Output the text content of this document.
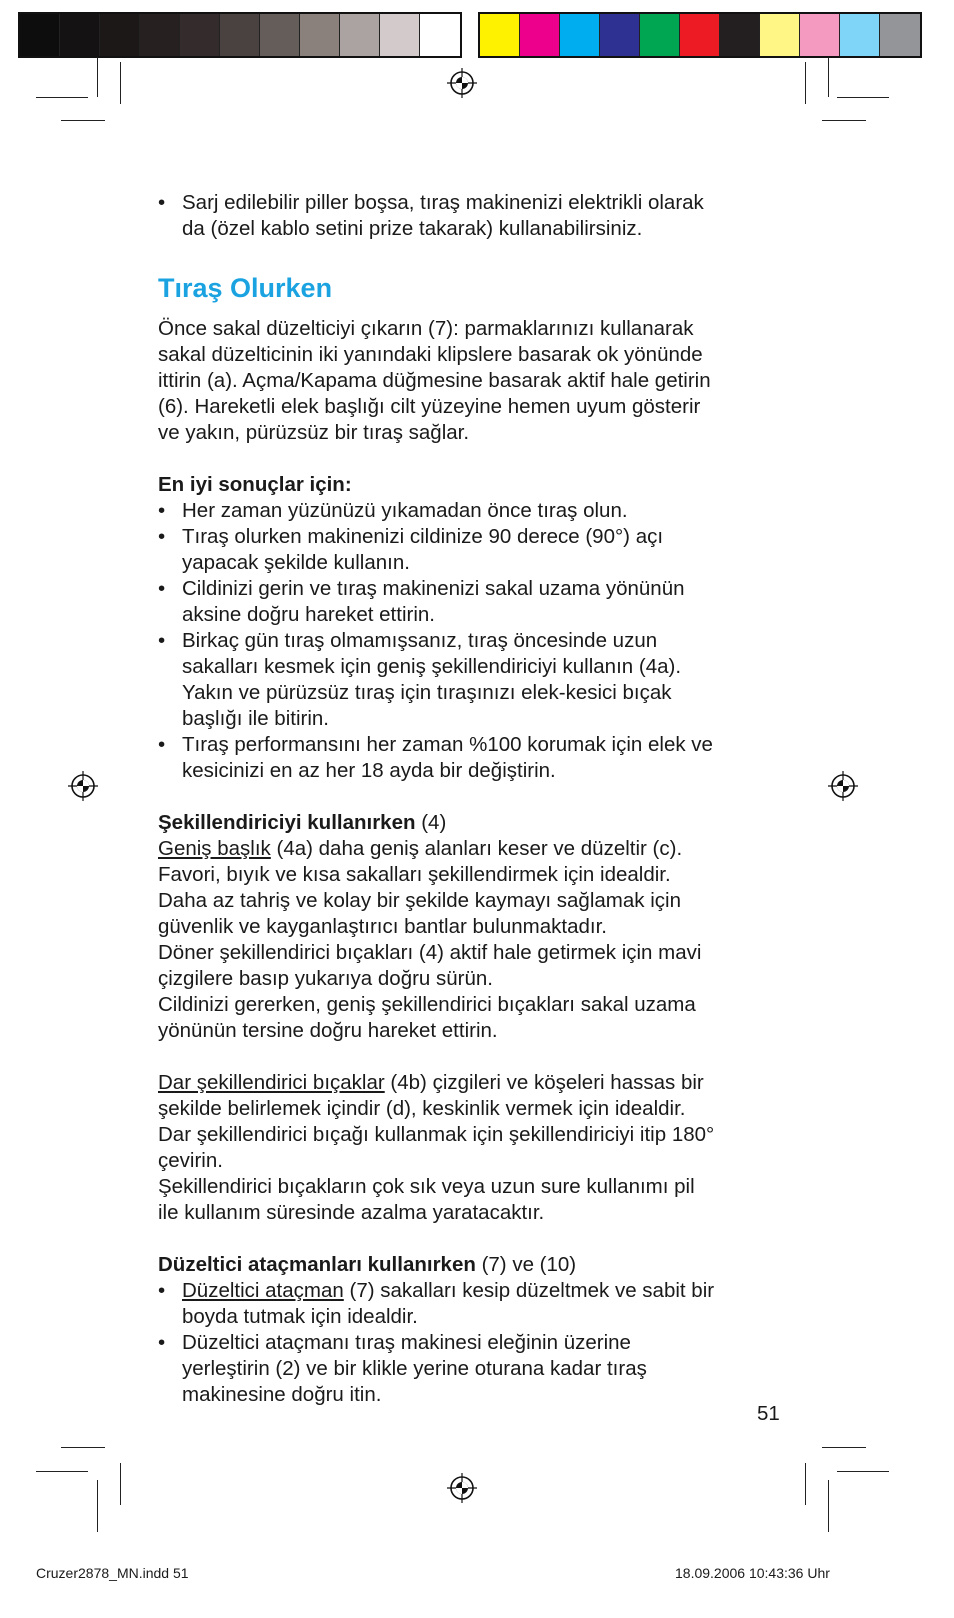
• Sarj edilebilir piller boşsa, tıraş makinenizi elektrikli olarak
da (özel kablo setini prize takarak) kullanabilirsiniz.
Tıraş Olurken
Önce sakal düzelticiyi çıkarın (7): parmaklarınızı kullanarak
sakal düzelticinin iki yanındaki klipslere basarak ok yönünde
ittirin (a). Açma/Kapama düğmesine basarak aktif hale getirin
(6). Hareketli elek başlığı cilt yüzeyine hemen uyum gösterir
ve yakın, pürüzsüz bir tıraş sağlar.
En iyi sonuçlar için:
• Her zaman yüzünüzü yıkamadan önce tıraş olun.
• Tıraş olurken makinenizi cildinize 90 derece (90°) açı
yapacak şekilde kullanın.
• Cildinizi gerin ve tıraş makinenizi sakal uzama yönünün
aksine doğru hareket ettirin.
• Birkaç gün tıraş olmamışsanız, tıraş öncesinde uzun
sakalları kesmek için geniş şekillendiriciyi kullanın (4a).
Yakın ve pürüzsüz tıraş için tıraşınızı elek-kesici bıçak
başlığı ile bitirin.
• Tıraş performansını her zaman %100 korumak için elek ve
kesicinizi en az her 18 ayda bir değiştirin.
Şekillendiriciyi kullanırken (4)
Geniş başlık (4a) daha geniş alanları keser ve düzeltir (c).
Favori, bıyık ve kısa sakalları şekillendirmek için idealdir.
Daha az tahriş ve kolay bir şekilde kaymayı sağlamak için
güvenlik ve kayganlaştırıcı bantlar bulunmaktadır.
Döner şekillendirici bıçakları (4) aktif hale getirmek için mavi
çizgilere basıp yukarıya doğru sürün.
Cildinizi gererken, geniş şekillendirici bıçakları sakal uzama
yönünün tersine doğru hareket ettirin.
Dar şekillendirici bıçaklar (4b) çizgileri ve köşeleri hassas bir
şekilde belirlemek içindir (d), keskinlik vermek için idealdir.
Dar şekillendirici bıçağı kullanmak için şekillendiriciyi itip 180°
çevirin.
Şekillendirici bıçakların çok sık veya uzun sure kullanımı pil
ile kullanım süresinde azalma yaratacaktır.
Düzeltici ataçmanları kullanırken (7) ve (10)
• Düzeltici ataçman (7) sakalları kesip düzeltmek ve sabit bir
boyda tutmak için idealdir.
• Düzeltici ataçmanı tıraş makinesi eleğinin üzerine
yerleştirin (2) ve bir klikle yerine oturana kadar tıraş
makinesine doğru itin.
51
Cruzer2878_MN.indd 51	18.09.2006 10:43:36 Uhr
